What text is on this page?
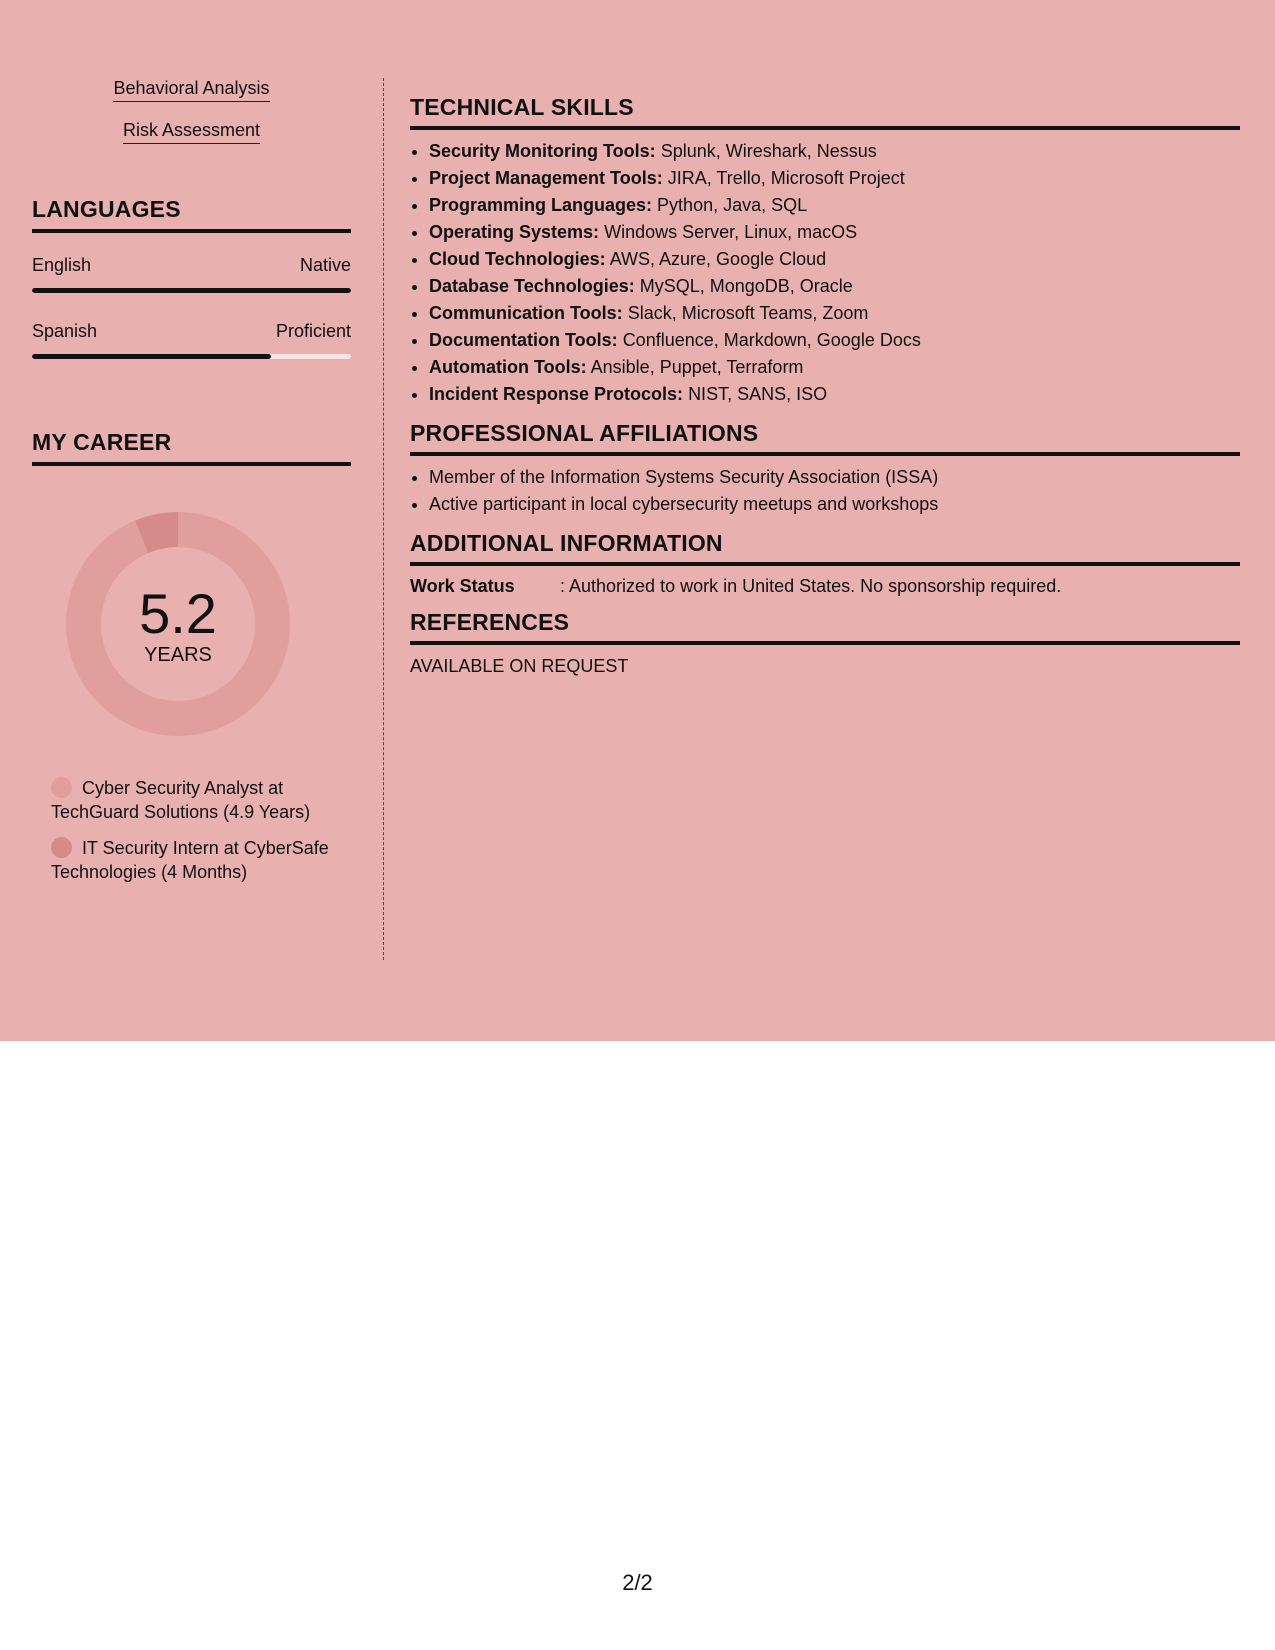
Behavioral Analysis
Risk Assessment
LANGUAGES
English	Native
Spanish	Proficient
MY CAREER
5.2
YEARS
Cyber Security Analyst at TechGuard Solutions (4.9 Years)
IT Security Intern at CyberSafe Technologies (4 Months)
TECHNICAL SKILLS
• Security Monitoring Tools: Splunk, Wireshark, Nessus
• Project Management Tools: JIRA, Trello, Microsoft Project
• Programming Languages: Python, Java, SQL
• Operating Systems: Windows Server, Linux, macOS
• Cloud Technologies: AWS, Azure, Google Cloud
• Database Technologies: MySQL, MongoDB, Oracle
• Communication Tools: Slack, Microsoft Teams, Zoom
• Documentation Tools: Confluence, Markdown, Google Docs
• Automation Tools: Ansible, Puppet, Terraform
• Incident Response Protocols: NIST, SANS, ISO
PROFESSIONAL AFFILIATIONS
• Member of the Information Systems Security Association (ISSA)
• Active participant in local cybersecurity meetups and workshops
ADDITIONAL INFORMATION
Work Status	: Authorized to work in United States. No sponsorship required.
REFERENCES
AVAILABLE ON REQUEST
2/2
